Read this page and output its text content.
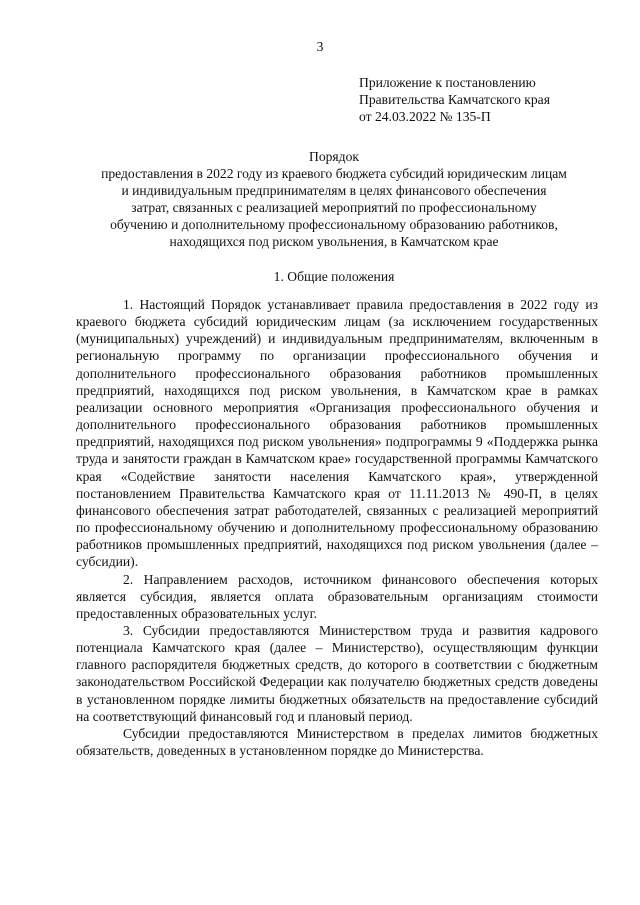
3
Приложение к постановлению
Правительства Камчатского края
от 24.03.2022 № 135-П
Порядок
предоставления в 2022 году из краевого бюджета субсидий юридическим лицам
и индивидуальным предпринимателям в целях финансового обеспечения
затрат, связанных с реализацией мероприятий по профессиональному
обучению и дополнительному профессиональному образованию работников,
находящихся под риском увольнения, в Камчатском крае
1. Общие положения

1. Настоящий Порядок устанавливает правила предоставления в 2022 году из краевого бюджета субсидий юридическим лицам (за исключением государственных (муниципальных) учреждений) и индивидуальным предпринимателям, включенным в региональную программу по организации профессионального обучения и дополнительного профессионального образования работников промышленных предприятий, находящихся под риском увольнения, в Камчатском крае в рамках реализации основного мероприятия «Организация профессионального обучения и дополнительного профессионального образования работников промышленных предприятий, находящихся под риском увольнения» подпрограммы 9 «Поддержка рынка труда и занятости граждан в Камчатском крае» государственной программы Камчатского края «Содействие занятости населения Камчатского края», утвержденной постановлением Правительства Камчатского края от 11.11.2013 № 490-П, в целях финансового обеспечения затрат работодателей, связанных с реализацией мероприятий по профессиональному обучению и дополнительному профессиональному образованию работников промышленных предприятий, находящихся под риском увольнения (далее – субсидии).

2. Направлением расходов, источником финансового обеспечения которых является субсидия, является оплата образовательным организациям стоимости предоставленных образовательных услуг.

3. Субсидии предоставляются Министерством труда и развития кадрового потенциала Камчатского края (далее – Министерство), осуществляющим функции главного распорядителя бюджетных средств, до которого в соответствии с бюджетным законодательством Российской Федерации как получателю бюджетных средств доведены в установленном порядке лимиты бюджетных обязательств на предоставление субсидий на соответствующий финансовый год и плановый период.

Субсидии предоставляются Министерством в пределах лимитов бюджетных обязательств, доведенных в установленном порядке до Министерства.
